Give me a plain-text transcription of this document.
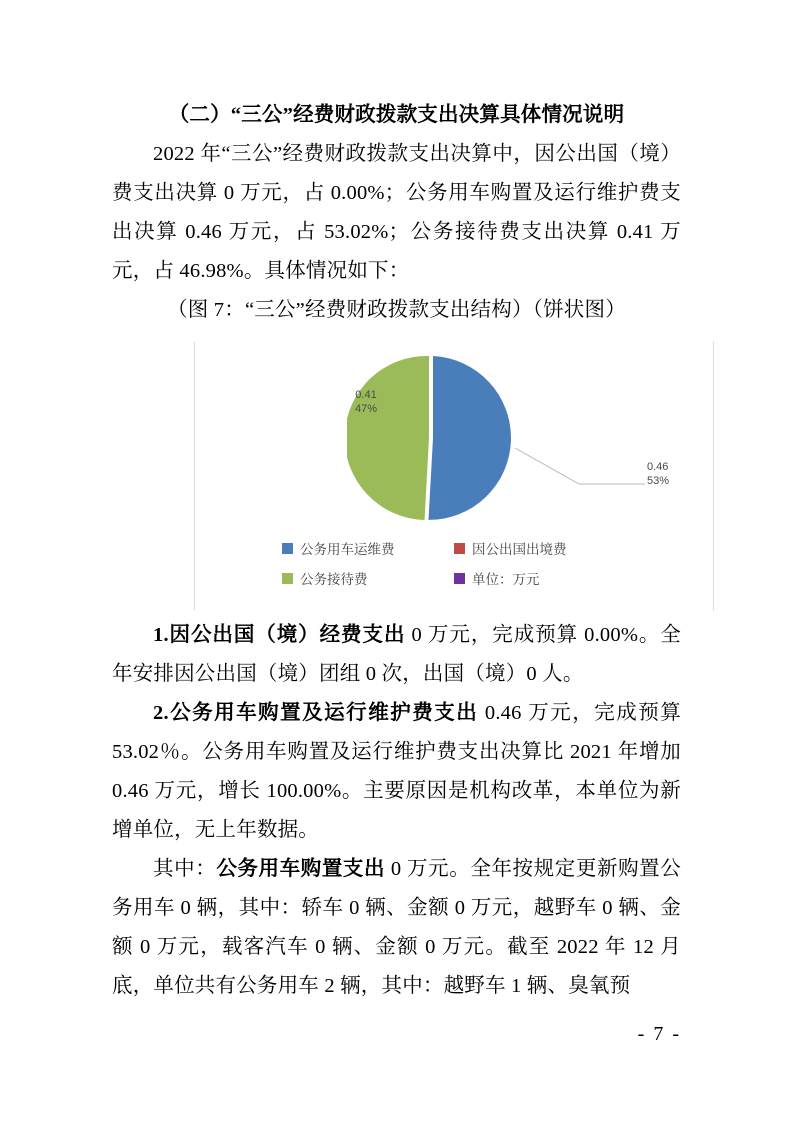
（二）“三公”经费财政拨款支出决算具体情况说明

2022 年“三公”经费财政拨款支出决算中，因公出国（境）费支出决算 0 万元，占 0.00%；公务用车购置及运行维护费支出决算 0.46 万元，占 53.02%；公务接待费支出决算 0.41 万元，占 46.98%。具体情况如下：

（图 7：“三公”经费财政拨款支出结构）（饼状图）

0.41
47%
0.46
53%
公务用车运维费
公务接待费
因公出国出境费
单位：万元

1.因公出国（境）经费支出 0 万元，完成预算 0.00%。全年安排因公出国（境）团组 0 次，出国（境）0 人。

2.公务用车购置及运行维护费支出 0.46 万元，完成预算 53.02％。公务用车购置及运行维护费支出决算比 2021 年增加 0.46 万元，增长 100.00%。主要原因是机构改革，本单位为新增单位，无上年数据。

其中：公务用车购置支出 0 万元。全年按规定更新购置公务用车 0 辆，其中：轿车 0 辆、金额 0 万元，越野车 0 辆、金额 0 万元，载客汽车 0 辆、金额 0 万元。截至 2022 年 12 月底，单位共有公务用车 2 辆，其中：越野车 1 辆、臭氧预

- 7 -
